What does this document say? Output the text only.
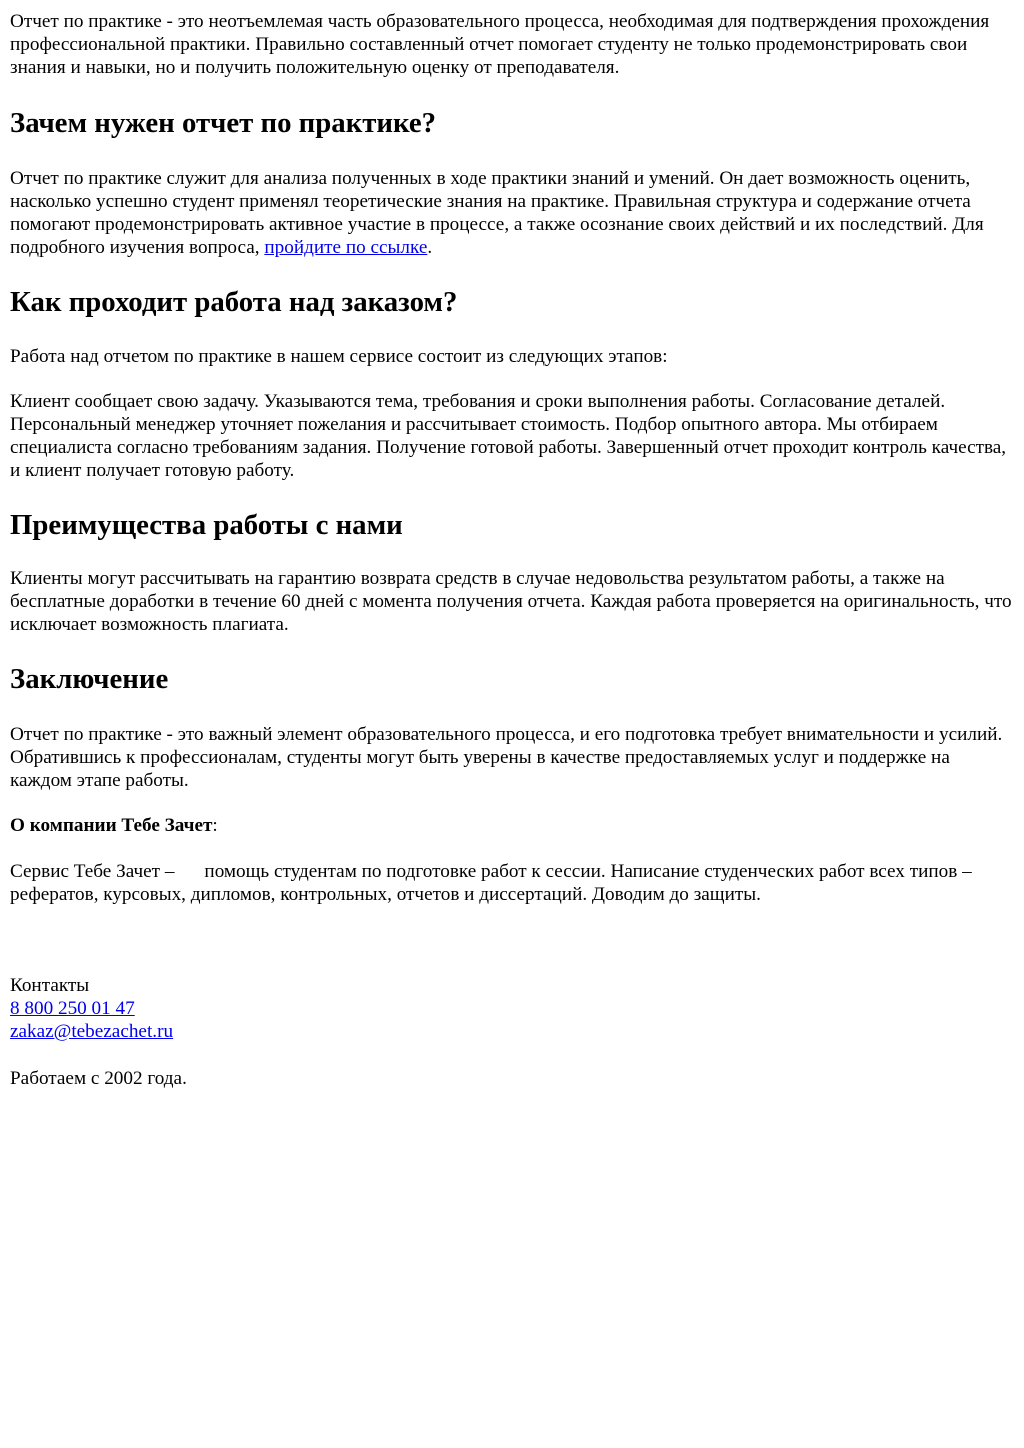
Отчет по практике - это неотъемлемая часть образовательного процесса, необходимая для подтверждения прохождения профессиональной практики. Правильно составленный отчет помогает студенту не только продемонстрировать свои знания и навыки, но и получить положительную оценку от преподавателя.

Зачем нужен отчет по практике?

Отчет по практике служит для анализа полученных в ходе практики знаний и умений. Он дает возможность оценить, насколько успешно студент применял теоретические знания на практике. Правильная структура и содержание отчета помогают продемонстрировать активное участие в процессе, а также осознание своих действий и их последствий. Для подробного изучения вопроса, пройдите по ссылке.

Как проходит работа над заказом?

Работа над отчетом по практике в нашем сервисе состоит из следующих этапов:

Клиент сообщает свою задачу. Указываются тема, требования и сроки выполнения работы. Согласование деталей. Персональный менеджер уточняет пожелания и рассчитывает стоимость. Подбор опытного автора. Мы отбираем специалиста согласно требованиям задания. Получение готовой работы. Завершенный отчет проходит контроль качества, и клиент получает готовую работу.

Преимущества работы с нами

Клиенты могут рассчитывать на гарантию возврата средств в случае недовольства результатом работы, а также на бесплатные доработки в течение 60 дней с момента получения отчета. Каждая работа проверяется на оригинальность, что исключает возможность плагиата.

Заключение

Отчет по практике - это важный элемент образовательного процесса, и его подготовка требует внимательности и усилий. Обратившись к профессионалам, студенты могут быть уверены в качестве предоставляемых услуг и поддержке на каждом этапе работы.

О компании Тебе Зачет:

Сервис Тебе Зачет – помощь студентам по подготовке работ к сессии. Написание студенческих работ всех типов – рефератов, курсовых, дипломов, контрольных, отчетов и диссертаций. Доводим до защиты.

Контакты
8 800 250 01 47
zakaz@tebezachet.ru

Работаем с 2002 года.
